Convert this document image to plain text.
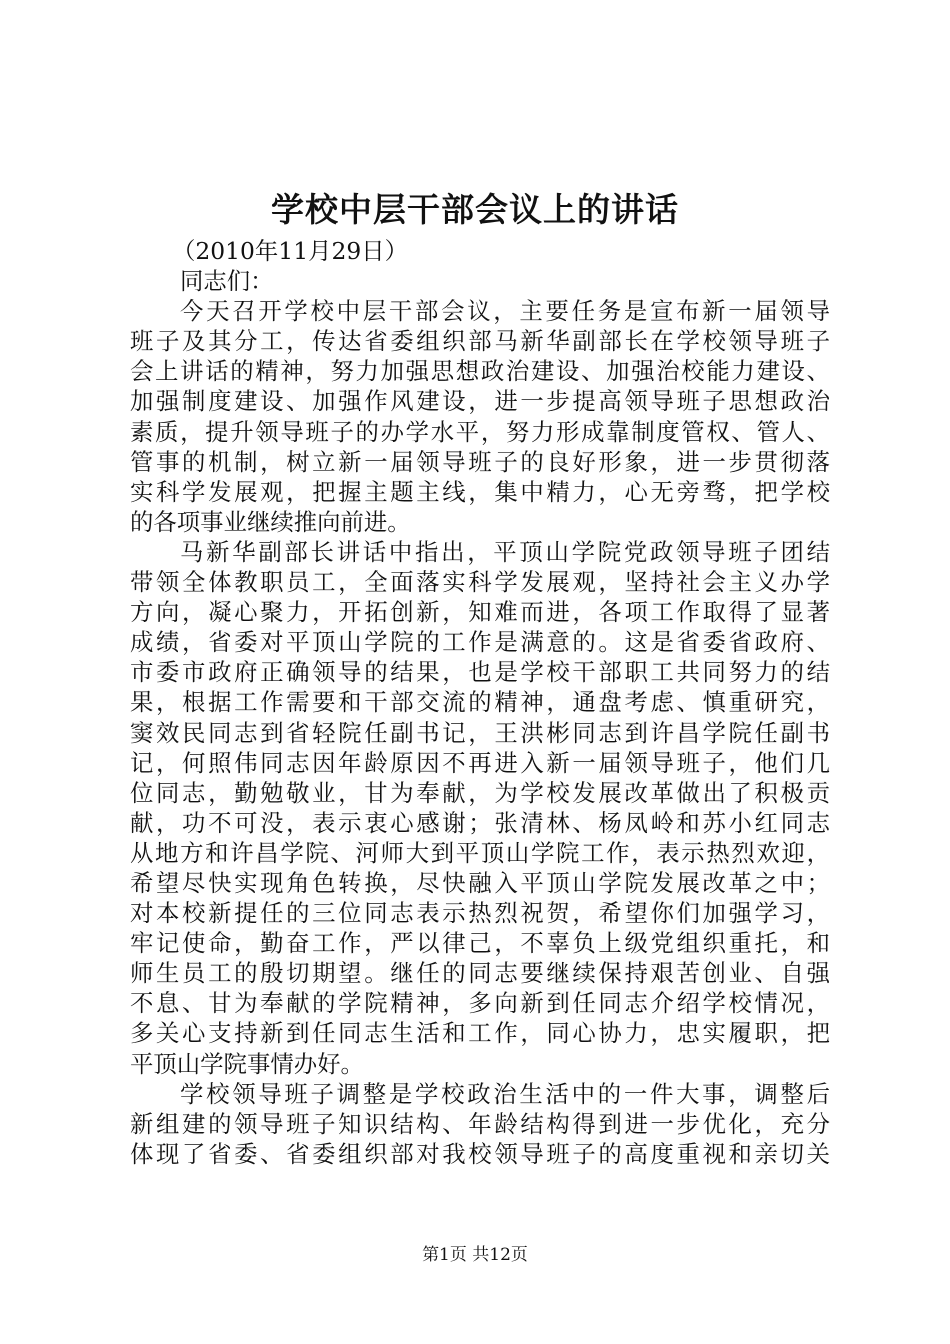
学校中层干部会议上的讲话
（2010年11月29日）
同志们：
今天召开学校中层干部会议，主要任务是宣布新一届领导
班子及其分工，传达省委组织部马新华副部长在学校领导班子
会上讲话的精神，努力加强思想政治建设、加强治校能力建设、
加强制度建设、加强作风建设，进一步提高领导班子思想政治
素质，提升领导班子的办学水平，努力形成靠制度管权、管人、
管事的机制，树立新一届领导班子的良好形象，进一步贯彻落
实科学发展观，把握主题主线，集中精力，心无旁骛，把学校
的各项事业继续推向前进。
马新华副部长讲话中指出，平顶山学院党政领导班子团结
带领全体教职员工，全面落实科学发展观，坚持社会主义办学
方向，凝心聚力，开拓创新，知难而进，各项工作取得了显著
成绩，省委对平顶山学院的工作是满意的。这是省委省政府、
市委市政府正确领导的结果，也是学校干部职工共同努力的结
果，根据工作需要和干部交流的精神，通盘考虑、慎重研究，
窦效民同志到省轻院任副书记，王洪彬同志到许昌学院任副书
记，何照伟同志因年龄原因不再进入新一届领导班子，他们几
位同志，勤勉敬业，甘为奉献，为学校发展改革做出了积极贡
献，功不可没，表示衷心感谢；张清林、杨凤岭和苏小红同志
从地方和许昌学院、河师大到平顶山学院工作，表示热烈欢迎，
希望尽快实现角色转换，尽快融入平顶山学院发展改革之中；
对本校新提任的三位同志表示热烈祝贺，希望你们加强学习，
牢记使命，勤奋工作，严以律己，不辜负上级党组织重托，和
师生员工的殷切期望。继任的同志要继续保持艰苦创业、自强
不息、甘为奉献的学院精神，多向新到任同志介绍学校情况，
多关心支持新到任同志生活和工作，同心协力，忠实履职，把
平顶山学院事情办好。
学校领导班子调整是学校政治生活中的一件大事，调整后
新组建的领导班子知识结构、年龄结构得到进一步优化，充分
体现了省委、省委组织部对我校领导班子的高度重视和亲切关
第1页 共12页
